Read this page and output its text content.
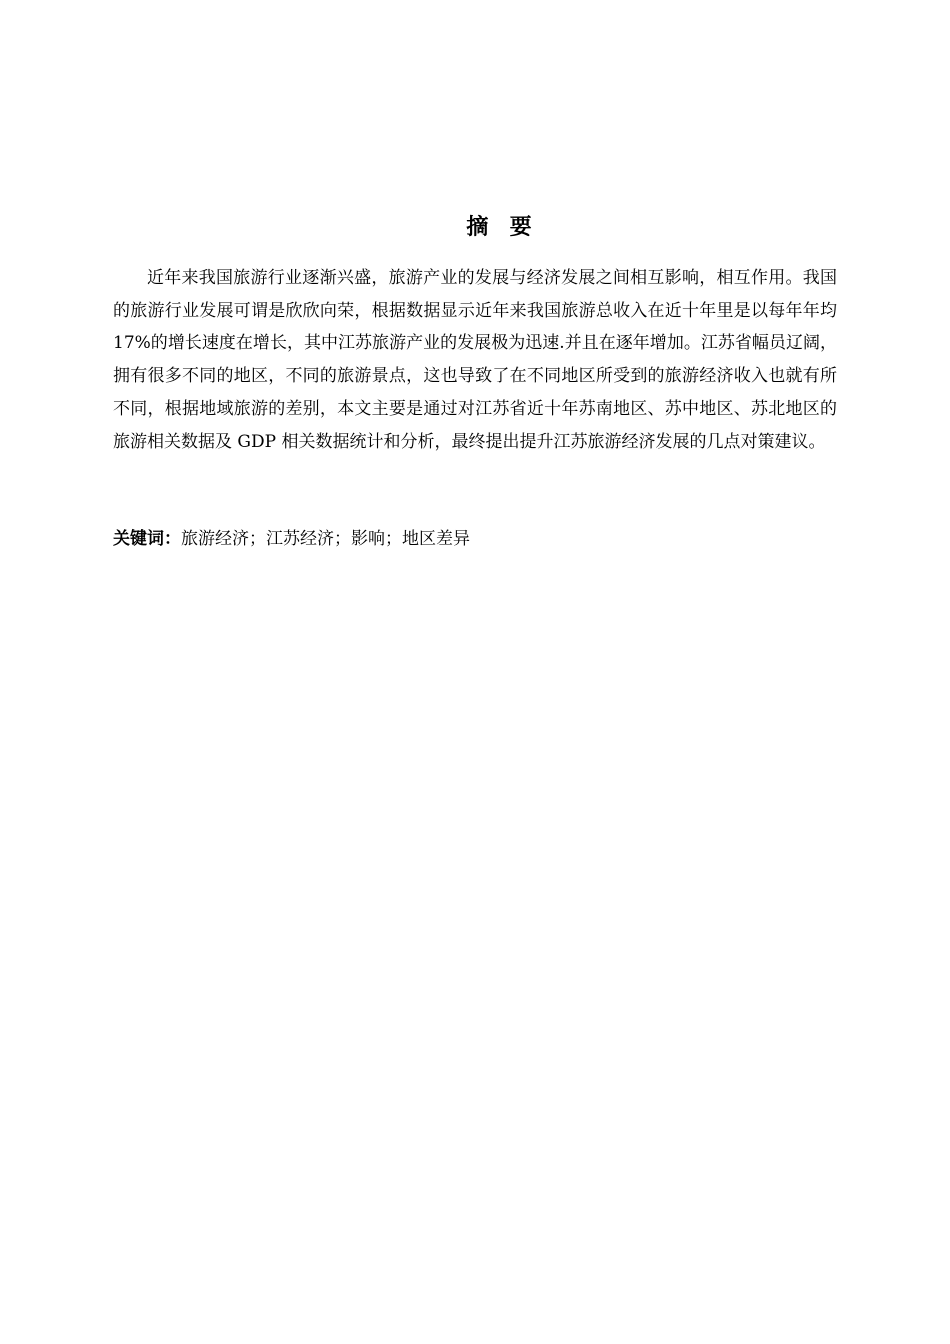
摘  要

近年来我国旅游行业逐渐兴盛，旅游产业的发展与经济发展之间相互影响，相互作用。我国的旅游行业发展可谓是欣欣向荣，根据数据显示近年来我国旅游总收入在近十年里是以每年年均17%的增长速度在增长，其中江苏旅游产业的发展极为迅速.并且在逐年增加。江苏省幅员辽阔，拥有很多不同的地区，不同的旅游景点，这也导致了在不同地区所受到的旅游经济收入也就有所不同，根据地域旅游的差别，本文主要是通过对江苏省近十年苏南地区、苏中地区、苏北地区的旅游相关数据及 GDP 相关数据统计和分析，最终提出提升江苏旅游经济发展的几点对策建议。

关键词：旅游经济；江苏经济；影响；地区差异
